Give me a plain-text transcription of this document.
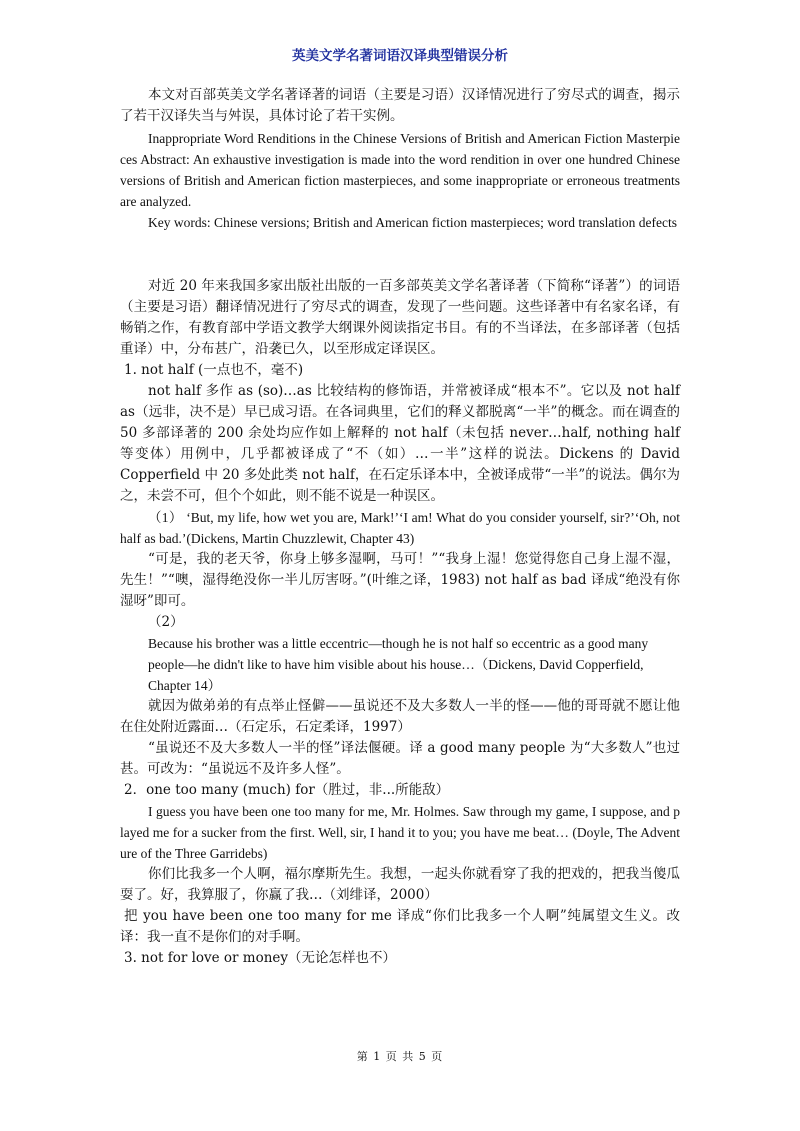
英美文学名著词语汉译典型错误分析

本文对百部英美文学名著译著的词语（主要是习语）汉译情况进行了穷尽式的调查，揭示了若干汉译失当与舛误，具体讨论了若干实例。

Inappropriate Word Renditions in the Chinese Versions of British and American Fiction Masterpieces Abstract: An exhaustive investigation is made into the word rendition in over one hundred Chinese versions of British and American fiction masterpieces, and some inappropriate or erroneous treatments are analyzed.

Key words: Chinese versions; British and American fiction masterpieces; word translation defects

对近 20 年来我国多家出版社出版的一百多部英美文学名著译著（下简称“译著”）的词语（主要是习语）翻译情况进行了穷尽式的调查，发现了一些问题。这些译著中有名家名译，有畅销之作，有教育部中学语文教学大纲课外阅读指定书目。有的不当译法，在多部译著（包括重译）中，分布甚广，沿袭已久，以至形成定译误区。

1. not half (一点也不，毫不)

not half 多作 as (so)…as 比较结构的修饰语，并常被译成“根本不”。它以及 not half as（远非，决不是）早已成习语。在各词典里，它们的释义都脱离“一半”的概念。而在调查的 50 多部译著的 200 余处均应作如上解释的 not half（未包括 never…half, nothing half 等变体）用例中，几乎都被译成了“不（如）…一半”这样的说法。Dickens 的 David Copperfield 中 20 多处此类 not half，在石定乐译本中，全被译成带“一半”的说法。偶尔为之，未尝不可，但个个如此，则不能不说是一种误区。

（1） ‘But, my life, how wet you are, Mark!’‘I am! What do you consider yourself, sir?’‘Oh, not half as bad.’(Dickens, Martin Chuzzlewit, Chapter 43)

“可是，我的老天爷，你身上够多湿啊，马可！”“我身上湿！您觉得您自己身上湿不湿，先生！”“噢，湿得绝没你一半儿厉害呀。”(叶维之译，1983) not half as bad 译成“绝没有你湿呀”即可。

（2）

Because his brother was a little eccentric—though he is not half so eccentric as a good many people—he didn't like to have him visible about his house…（Dickens, David Copperfield, Chapter 14）

就因为做弟弟的有点举止怪僻——虽说还不及大多数人一半的怪——他的哥哥就不愿让他在住处附近露面…（石定乐，石定柔译，1997）

“虽说还不及大多数人一半的怪”译法偃硬。译 a good many people 为“大多数人”也过甚。可改为：“虽说远不及许多人怪”。

2．one too many (much) for（胜过，非...所能敌）

I guess you have been one too many for me, Mr. Holmes. Saw through my game, I suppose, and played me for a sucker from the first. Well, sir, I hand it to you; you have me beat… (Doyle, The Adventure of the Three Garridebs)

你们比我多一个人啊，福尔摩斯先生。我想，一起头你就看穿了我的把戏的，把我当傻瓜耍了。好，我算服了，你赢了我…（刘绯译，2000）

把 you have been one too many for me 译成“你们比我多一个人啊”纯属望文生义。改译：我一直不是你们的对手啊。

3. not for love or money（无论怎样也不）

第 1 页 共 5 页
